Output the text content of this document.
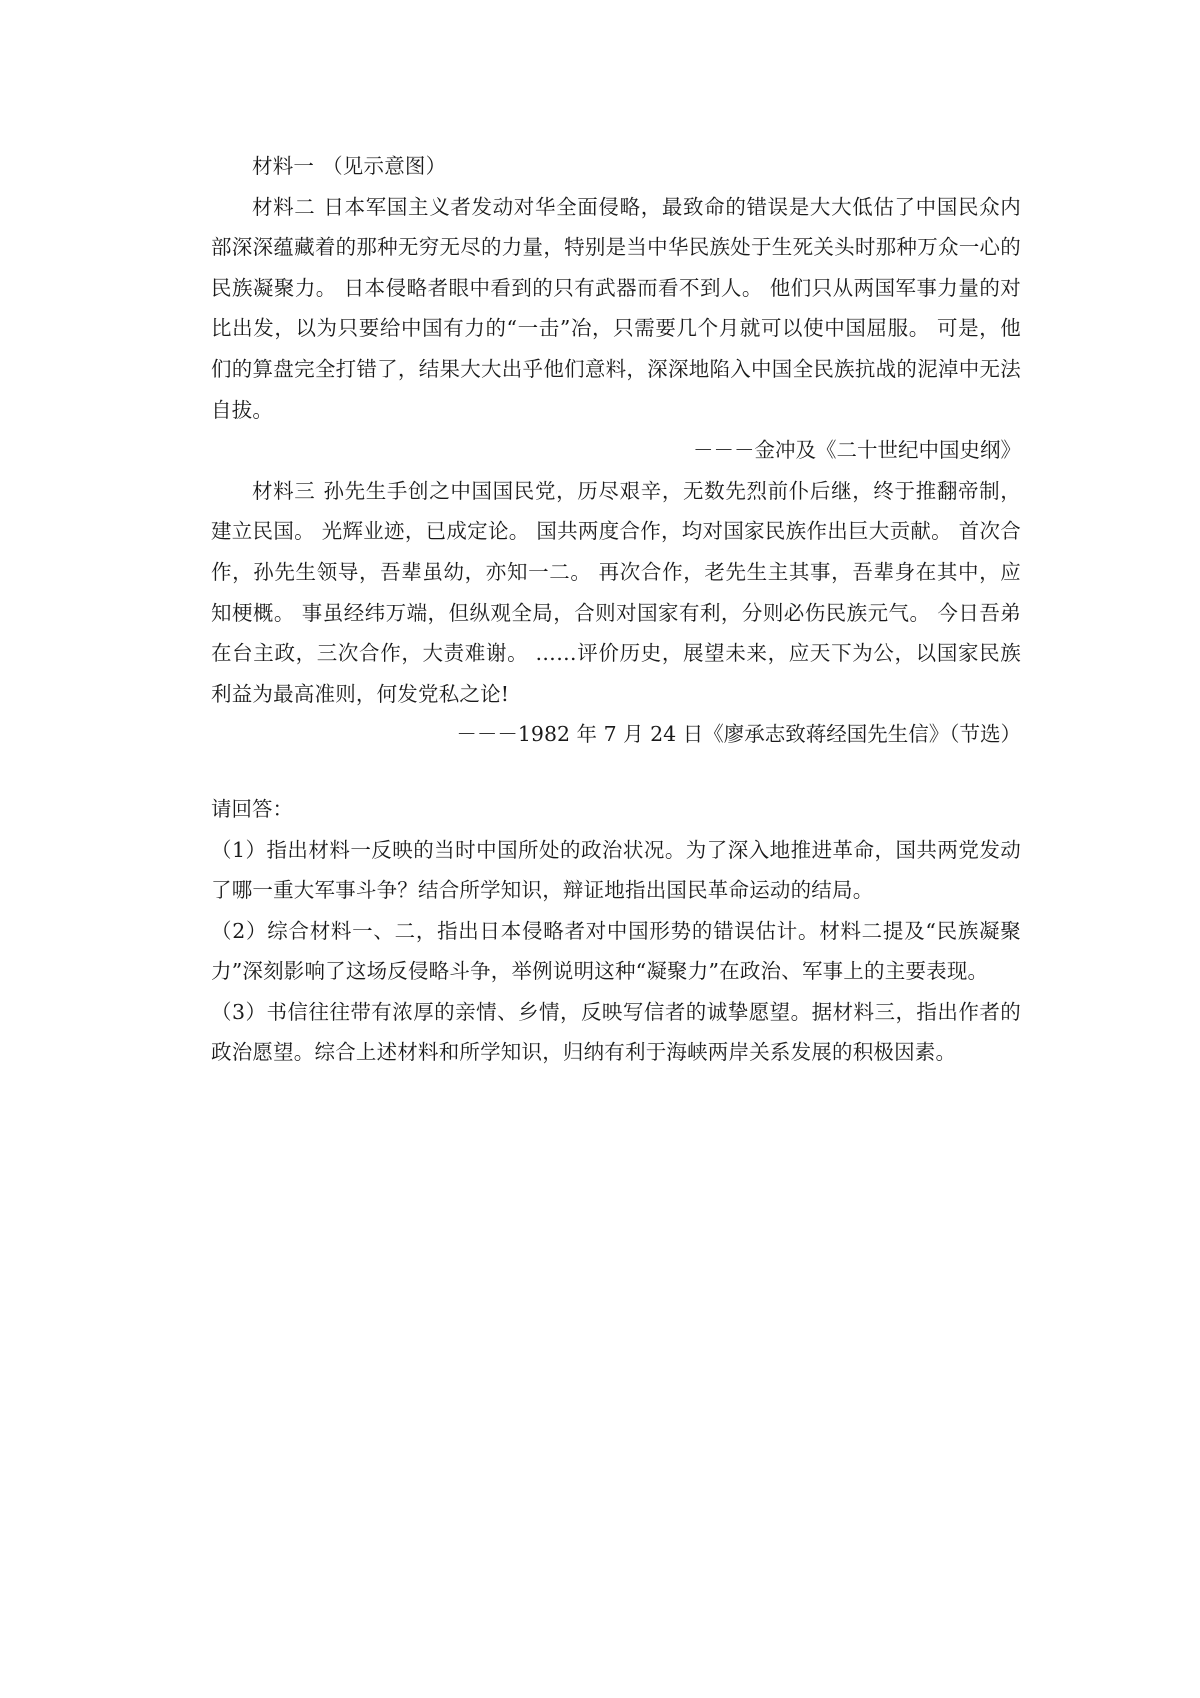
材料一 （见示意图）

材料二 日本军国主义者发动对华全面侵略，最致命的错误是大大低估了中国民众内部深深蕴藏着的那种无穷无尽的力量，特别是当中华民族处于生死关头时那种万众一心的民族凝聚力。 日本侵略者眼中看到的只有武器而看不到人。 他们只从两国军事力量的对比出发，以为只要给中国有力的“一击”冶，只需要几个月就可以使中国屈服。 可是，他们的算盘完全打错了，结果大大出乎他们意料，深深地陷入中国全民族抗战的泥淖中无法自拔。

－－－金冲及《二十世纪中国史纲》

材料三 孙先生手创之中国国民党，历尽艰辛，无数先烈前仆后继，终于推翻帝制，建立民国。 光辉业迹，已成定论。 国共两度合作，均对国家民族作出巨大贡献。 首次合作，孙先生领导，吾辈虽幼，亦知一二。 再次合作，老先生主其事，吾辈身在其中，应知梗概。 事虽经纬万端，但纵观全局，合则对国家有利，分则必伤民族元气。 今日吾弟在台主政，三次合作，大责难谢。 ……评价历史，展望未来，应天下为公，以国家民族利益为最高准则，何发党私之论!

－－－1982 年 7 月 24 日《廖承志致蒋经国先生信》（节选）

请回答：

（1）指出材料一反映的当时中国所处的政治状况。为了深入地推进革命，国共两党发动了哪一重大军事斗争？结合所学知识，辩证地指出国民革命运动的结局。

（2）综合材料一、二，指出日本侵略者对中国形势的错误估计。材料二提及“民族凝聚力”深刻影响了这场反侵略斗争，举例说明这种“凝聚力”在政治、军事上的主要表现。

（3）书信往往带有浓厚的亲情、乡情，反映写信者的诚挚愿望。据材料三，指出作者的政治愿望。综合上述材料和所学知识，归纳有利于海峡两岸关系发展的积极因素。
